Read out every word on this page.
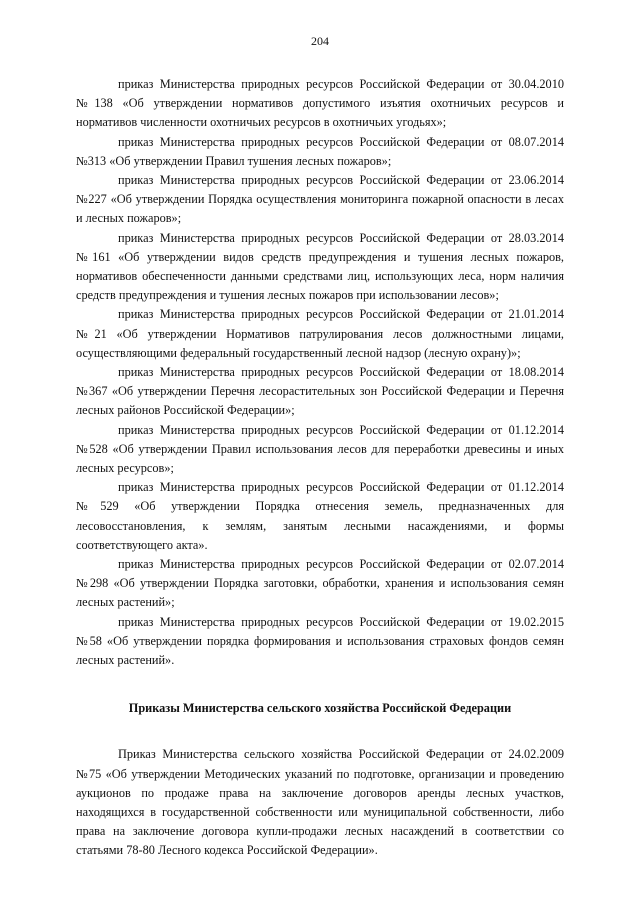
204

приказ Министерства природных ресурсов Российской Федерации от 30.04.2010 №138 «Об утверждении нормативов допустимого изъятия охотничьих ресурсов и нормативов численности охотничьих ресурсов в охотничьих угодьях»;

приказ Министерства природных ресурсов Российской Федерации от 08.07.2014 №313 «Об утверждении Правил тушения лесных пожаров»;

приказ Министерства природных ресурсов Российской Федерации от 23.06.2014 №227 «Об утверждении Порядка осуществления мониторинга пожарной опасности в лесах и лесных пожаров»;

приказ Министерства природных ресурсов Российской Федерации от 28.03.2014 №161 «Об утверждении видов средств предупреждения и тушения лесных пожаров, нормативов обеспеченности данными средствами лиц, использующих леса, норм наличия средств предупреждения и тушения лесных пожаров при использовании лесов»;

приказ Министерства природных ресурсов Российской Федерации от 21.01.2014 №21 «Об утверждении Нормативов патрулирования лесов должностными лицами, осуществляющими федеральный государственный лесной надзор (лесную охрану)»;

приказ Министерства природных ресурсов Российской Федерации от 18.08.2014 №367 «Об утверждении Перечня лесорастительных зон Российской Федерации и Перечня лесных районов Российской Федерации»;

приказ Министерства природных ресурсов Российской Федерации от 01.12.2014 №528 «Об утверждении Правил использования лесов для переработки древесины и иных лесных ресурсов»;

приказ Министерства природных ресурсов Российской Федерации от 01.12.2014 №529 «Об утверждении Порядка отнесения земель, предназначенных для лесовосстановления, к землям, занятым лесными насаждениями, и формы соответствующего акта».

приказ Министерства природных ресурсов Российской Федерации от 02.07.2014 №298 «Об утверждении Порядка заготовки, обработки, хранения и использования семян лесных растений»;

приказ Министерства природных ресурсов Российской Федерации от 19.02.2015 №58 «Об утверждении порядка формирования и использования страховых фондов семян лесных растений».

Приказы Министерства сельского хозяйства Российской Федерации

Приказ Министерства сельского хозяйства Российской Федерации от 24.02.2009 №75 «Об утверждении Методических указаний по подготовке, организации и проведению аукционов по продаже права на заключение договоров аренды лесных участков, находящихся в государственной собственности или муниципальной собственности, либо права на заключение договора купли-продажи лесных насаждений в соответствии со статьями 78-80 Лесного кодекса Российской Федерации».
